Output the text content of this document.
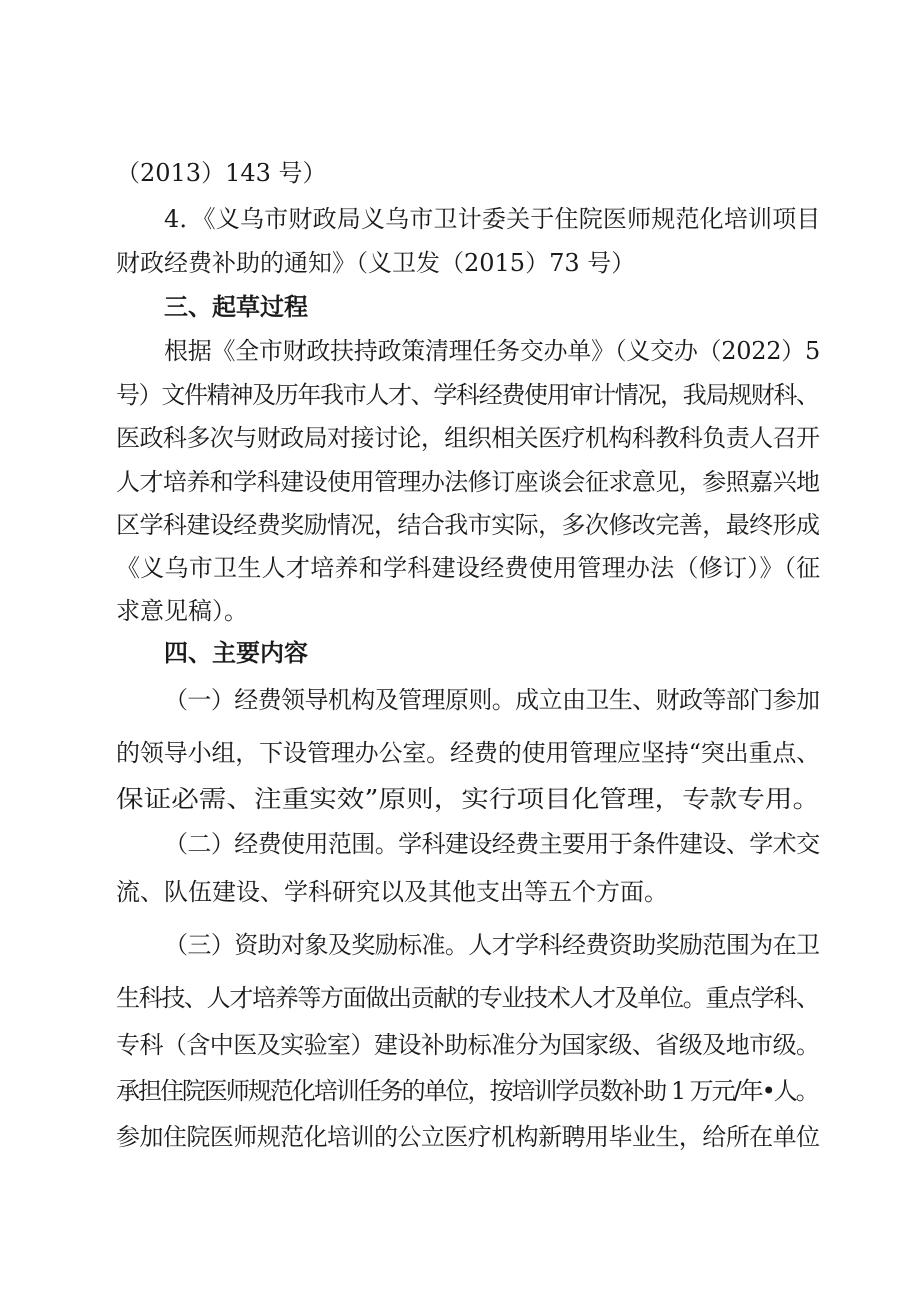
（2013）143 号）
4．《义乌市财政局义乌市卫计委关于住院医师规范化培训项目
财政经费补助的通知》（义卫发（2015）73 号）
三、起草过程
根据《全市财政扶持政策清理任务交办单》（义交办（2022）5
号）文件精神及历年我市人才、学科经费使用审计情况，我局规财科、
医政科多次与财政局对接讨论，组织相关医疗机构科教科负责人召开
人才培养和学科建设使用管理办法修订座谈会征求意见，参照嘉兴地
区学科建设经费奖励情况，结合我市实际，多次修改完善，最终形成
《义乌市卫生人才培养和学科建设经费使用管理办法（修订）》（征
求意见稿）。
四、主要内容
（一）经费领导机构及管理原则。成立由卫生、财政等部门参加
的领导小组，下设管理办公室。经费的使用管理应坚持“突出重点、
保证必需、注重实效”原则，实行项目化管理，专款专用。
（二）经费使用范围。学科建设经费主要用于条件建设、学术交
流、队伍建设、学科研究以及其他支出等五个方面。
（三）资助对象及奖励标准。人才学科经费资助奖励范围为在卫
生科技、人才培养等方面做出贡献的专业技术人才及单位。重点学科、
专科（含中医及实验室）建设补助标准分为国家级、省级及地市级。
承担住院医师规范化培训任务的单位，按培训学员数补助 1 万元/年•人。
参加住院医师规范化培训的公立医疗机构新聘用毕业生，给所在单位
